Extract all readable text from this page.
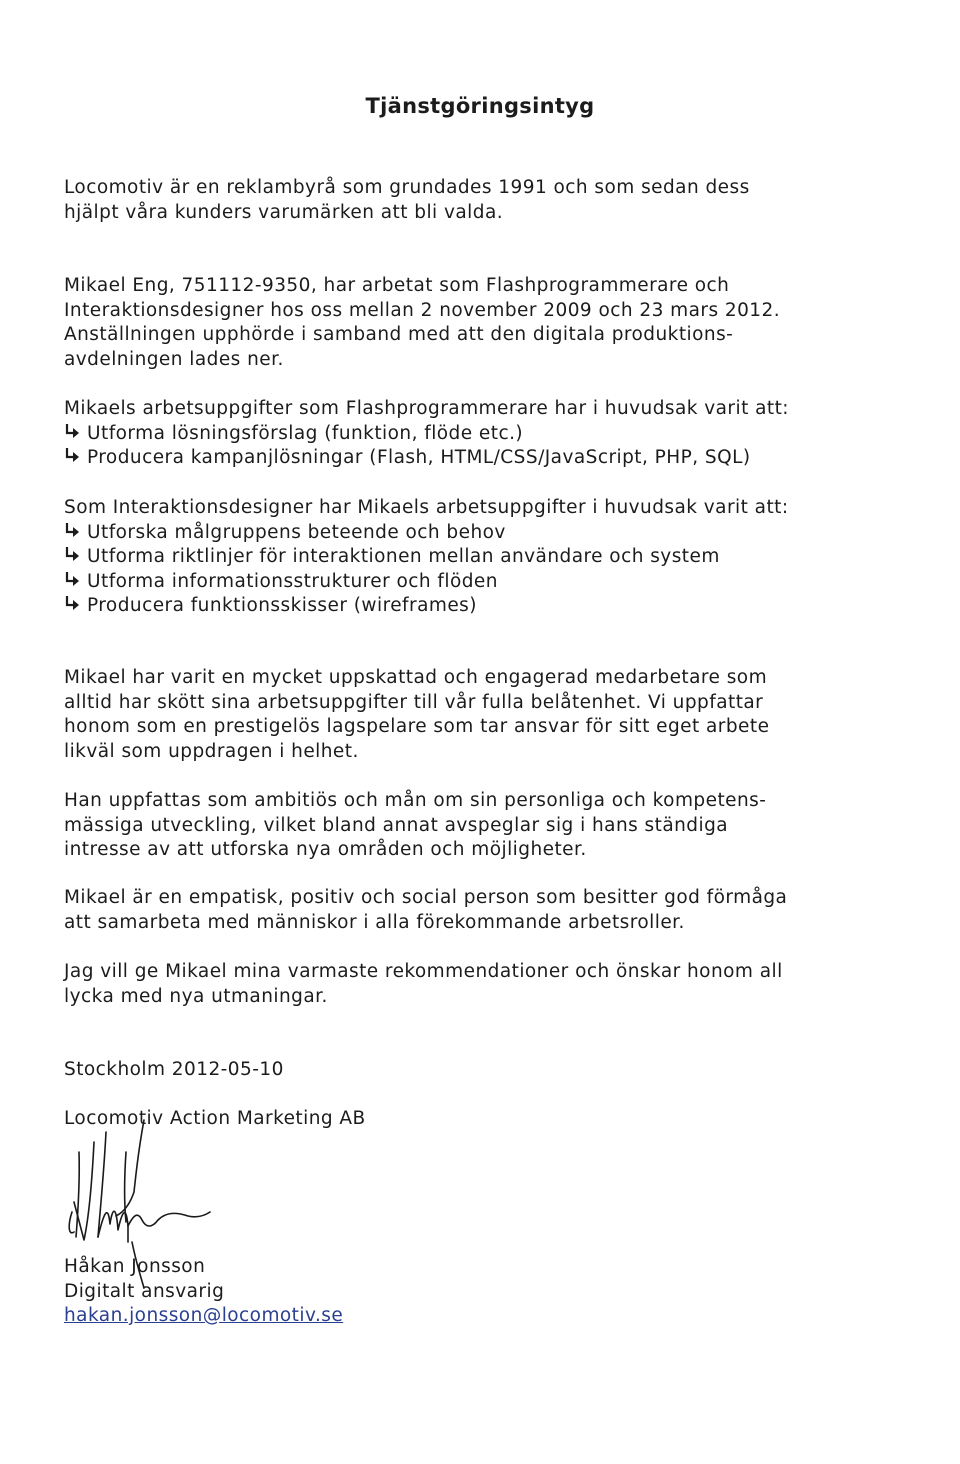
Tjänstgöringsintyg
Locomotiv är en reklambyrå som grundades 1991 och som sedan dess
hjälpt våra kunders varumärken att bli valda.
Mikael Eng, 751112-9350, har arbetat som Flashprogrammerare och
Interaktionsdesigner hos oss mellan 2 november 2009 och 23 mars 2012.
Anställningen upphörde i samband med att den digitala produktions-
avdelningen lades ner.
Mikaels arbetsuppgifter som Flashprogrammerare har i huvudsak varit att:
Utforma lösningsförslag (funktion, flöde etc.)
Producera kampanjlösningar (Flash, HTML/CSS/JavaScript, PHP, SQL)
Som Interaktionsdesigner har Mikaels arbetsuppgifter i huvudsak varit att:
Utforska målgruppens beteende och behov
Utforma riktlinjer för interaktionen mellan användare och system
Utforma informationsstrukturer och flöden
Producera funktionsskisser (wireframes)
Mikael har varit en mycket uppskattad och engagerad medarbetare som
alltid har skött sina arbetsuppgifter till vår fulla belåtenhet. Vi uppfattar
honom som en prestigelös lagspelare som tar ansvar för sitt eget arbete
likväl som uppdragen i helhet.
Han uppfattas som ambitiös och mån om sin personliga och kompetens-
mässiga utveckling, vilket bland annat avspeglar sig i hans ständiga
intresse av att utforska nya områden och möjligheter.
Mikael är en empatisk, positiv och social person som besitter god förmåga
att samarbeta med människor i alla förekommande arbetsroller.
Jag vill ge Mikael mina varmaste rekommendationer och önskar honom all
lycka med nya utmaningar.
Stockholm 2012-05-10
Locomotiv Action Marketing AB
Håkan Jonsson
Digitalt ansvarig
hakan.jonsson@locomotiv.se
